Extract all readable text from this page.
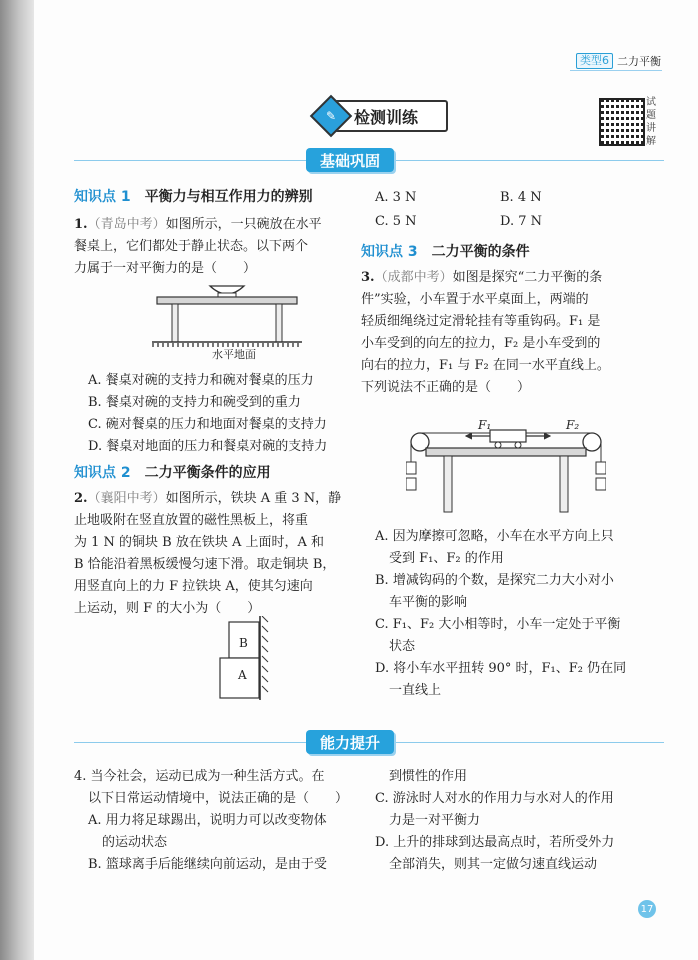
类型6 二力平衡
✎ 检测训练
试题讲解
基础巩固
知识点 1　 平衡力与相互作用力的辨别
1.（青岛中考）如图所示，一只碗放在水平
餐桌上，它们都处于静止状态。以下两个
力属于一对平衡力的是（　　）
水平地面
A. 餐桌对碗的支持力和碗对餐桌的压力
B. 餐桌对碗的支持力和碗受到的重力
C. 碗对餐桌的压力和地面对餐桌的支持力
D. 餐桌对地面的压力和餐桌对碗的支持力
知识点 2　 二力平衡条件的应用
2.（襄阳中考）如图所示，铁块 A 重 3 N，静
止地吸附在竖直放置的磁性黑板上，将重
为 1 N 的铜块 B 放在铁块 A 上面时，A 和
B 恰能沿着黑板缓慢匀速下滑。取走铜块 B，
用竖直向上的力 F 拉铁块 A，使其匀速向
上运动，则 F 的大小为（　　）
B
A
A. 3 N	B. 4 N
C. 5 N	D. 7 N
知识点 3　 二力平衡的条件
3.（成都中考）如图是探究“二力平衡的条
件”实验，小车置于水平桌面上，两端的
轻质细绳绕过定滑轮挂有等重钩码。F₁ 是
小车受到的向左的拉力，F₂ 是小车受到的
向右的拉力，F₁ 与 F₂ 在同一水平直线上。
下列说法不正确的是（　　）
F₁	F₂
A. 因为摩擦可忽略，小车在水平方向上只
受到 F₁、F₂ 的作用
B. 增减钩码的个数，是探究二力大小对小
车平衡的影响
C. F₁、F₂ 大小相等时，小车一定处于平衡
状态
D. 将小车水平扭转 90° 时，F₁、F₂ 仍在同
一直线上
能力提升
4. 当今社会，运动已成为一种生活方式。在
以下日常运动情境中，说法正确的是（　　）
A. 用力将足球踢出，说明力可以改变物体
的运动状态
B. 篮球离手后能继续向前运动，是由于受
到惯性的作用
C. 游泳时人对水的作用力与水对人的作用
力是一对平衡力
D. 上升的排球到达最高点时，若所受外力
全部消失，则其一定做匀速直线运动
17
